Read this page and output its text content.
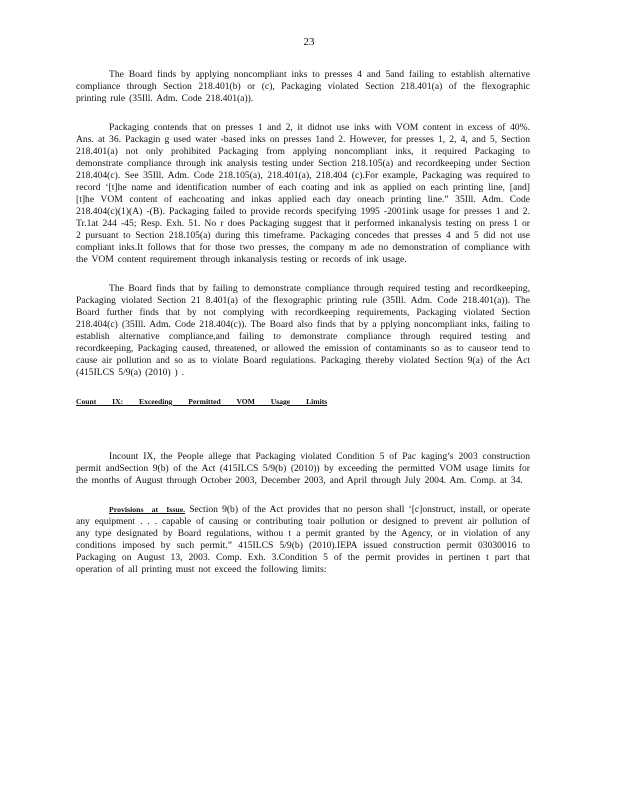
23

The Board finds by applying noncompliant inks to presses 4 and 5and failing to establish alternative compliance through Section 218.401(b) or (c), Packaging violated Section 218.401(a) of the flexographic printing rule (35Ill. Adm. Code 218.401(a)).

Packaging contends that on presses 1 and 2, it didnot use inks with VOM content in excess of 40%. Ans. at 36. Packagin g used water -based inks on presses 1and 2. However, for presses 1, 2, 4, and 5, Section 218.401(a) not only prohibited Packaging from applying noncompliant inks, it required Packaging to demonstrate compliance through ink analysis testing under Section 218.105(a) and recordkeeping under Section 218.404(c). See 35Ill. Adm. Code 218.105(a), 218.401(a), 218.404 (c).For example, Packaging was required to record ‘[t]he name and identification number of each coating and ink as applied on each printing line, [and] [t]he VOM content of eachcoating and inkas applied each day oneach printing line.” 35Ill. Adm. Code 218.404(c)(1)(A) -(B). Packaging failed to provide records specifying 1995 -2001ink usage for presses 1 and 2. Tr.1at 244 -45; Resp. Exh. 51. No r does Packaging suggest that it performed inkanalysis testing on press 1 or 2 pursuant to Section 218.105(a) during this timeframe. Packaging concedes that presses 4 and 5 did not use compliant inks.It follows that for those two presses, the company m ade no demonstration of compliance with the VOM content requirement through inkanalysis testing or records of ink usage.

The Board finds that by failing to demonstrate compliance through required testing and recordkeeping, Packaging violated Section 21 8.401(a) of the flexographic printing rule (35Ill. Adm. Code 218.401(a)). The Board further finds that by not complying with recordkeeping requirements, Packaging violated Section 218.404(c) (35Ill. Adm. Code 218.404(c)). The Board also finds that by a pplying noncompliant inks, failing to establish alternative compliance,and failing to demonstrate compliance through required testing and recordkeeping, Packaging caused, threatened, or allowed the emission of contaminants so as to causeor tend to cause air pollution and so as to violate Board regulations. Packaging thereby violated Section 9(a) of the Act (415ILCS 5/9(a) (2010) ) .

Count IX: Exceeding Permitted VOM Usage Limits

Incount IX, the People allege that Packaging violated Condition 5 of Pac kaging’s 2003 construction permit andSection 9(b) of the Act (415ILCS 5/9(b) (2010)) by exceeding the permitted VOM usage limits for the months of August through October 2003, December 2003, and April through July 2004. Am. Comp. at 34.

Provisions at Issue. Section 9(b) of the Act provides that no person shall ‘[c]onstruct, install, or operate any equipment . . . capable of causing or contributing toair pollution or designed to prevent air pollution of any type designated by Board regulations, withou t a permit granted by the Agency, or in violation of any conditions imposed by such permit.” 415ILCS 5/9(b) (2010).IEPA issued construction permit 03030016 to Packaging on August 13, 2003. Comp. Exh. 3.Condition 5 of the permit provides in pertinen t part that operation of all printing must not exceed the following limits:
